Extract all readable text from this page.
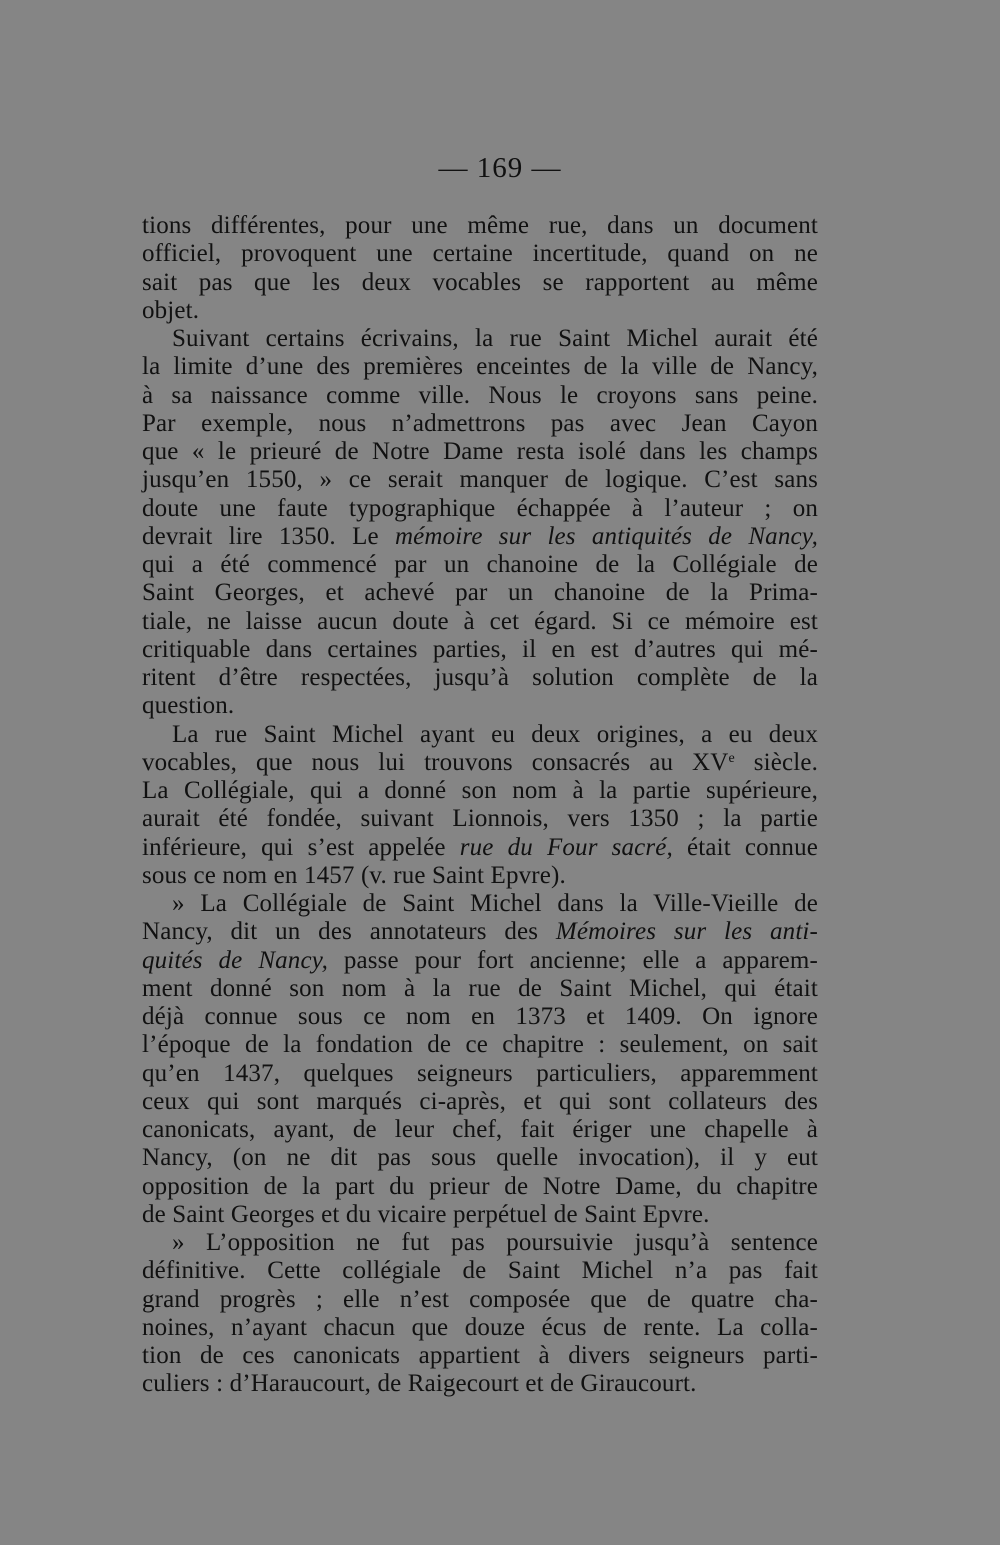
— 169 —
tions différentes, pour une même rue, dans un document
officiel, provoquent une certaine incertitude, quand on ne
sait pas que les deux vocables se rapportent au même
objet.
Suivant certains écrivains, la rue Saint Michel aurait été
la limite d’une des premières enceintes de la ville de Nancy,
à sa naissance comme ville. Nous le croyons sans peine.
Par exemple, nous n’admettrons pas avec Jean Cayon
que « le prieuré de Notre Dame resta isolé dans les champs
jusqu’en 1550, » ce serait manquer de logique. C’est sans
doute une faute typographique échappée à l’auteur ; on
devrait lire 1350. Le mémoire sur les antiquités de Nancy,
qui a été commencé par un chanoine de la Collégiale de
Saint Georges, et achevé par un chanoine de la Prima-
tiale, ne laisse aucun doute à cet égard. Si ce mémoire est
critiquable dans certaines parties, il en est d’autres qui mé-
ritent d’être respectées, jusqu’à solution complète de la
question.
La rue Saint Michel ayant eu deux origines, a eu deux
vocables, que nous lui trouvons consacrés au XVe siècle.
La Collégiale, qui a donné son nom à la partie supérieure,
aurait été fondée, suivant Lionnois, vers 1350 ; la partie
inférieure, qui s’est appelée rue du Four sacré, était connue
sous ce nom en 1457 (v. rue Saint Epvre).
» La Collégiale de Saint Michel dans la Ville-Vieille de
Nancy, dit un des annotateurs des Mémoires sur les anti-
quités de Nancy, passe pour fort ancienne; elle a apparem-
ment donné son nom à la rue de Saint Michel, qui était
déjà connue sous ce nom en 1373 et 1409. On ignore
l’époque de la fondation de ce chapitre : seulement, on sait
qu’en 1437, quelques seigneurs particuliers, apparemment
ceux qui sont marqués ci-après, et qui sont collateurs des
canonicats, ayant, de leur chef, fait ériger une chapelle à
Nancy, (on ne dit pas sous quelle invocation), il y eut
opposition de la part du prieur de Notre Dame, du chapitre
de Saint Georges et du vicaire perpétuel de Saint Epvre.
» L’opposition ne fut pas poursuivie jusqu’à sentence
définitive. Cette collégiale de Saint Michel n’a pas fait
grand progrès ; elle n’est composée que de quatre cha-
noines, n’ayant chacun que douze écus de rente. La colla-
tion de ces canonicats appartient à divers seigneurs parti-
culiers : d’Haraucourt, de Raigecourt et de Giraucourt.
